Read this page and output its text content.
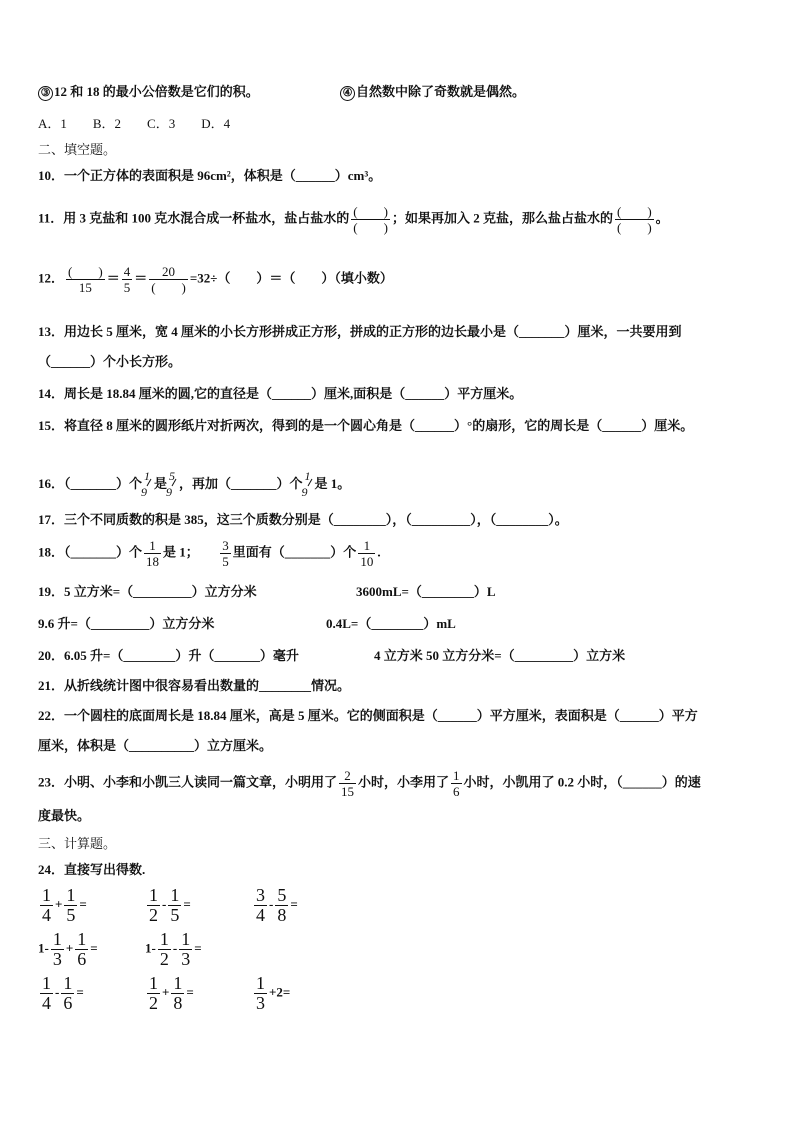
③ 12 和 18 的最小公倍数是它们的积。	④ 自然数中除了奇数就是偶然。
A．1　　B．2　　C．3　　D．4
二、填空题。
10．一个正方体的表面积是 96cm²，体积是（______）cm³。
11．用 3 克盐和 100 克水混合成一杯盐水，盐占盐水的 $\frac{( )}{( )}$ ；如果再加入 2 克盐，那么盐占盐水的 $\frac{( )}{( )}$ 。
12． $\frac{( )}{15} = \frac{4}{5} = \frac{20}{( )} =32\div$（　　）＝（　　）（填小数）
13．用边长 5 厘米，宽 4 厘米的小长方形拼成正方形，拼成的正方形的边长最小是（_______）厘米，一共要用到
（______）个小长方形。
14．周长是 18.84 厘米的圆,它的直径是（______）厘米,面积是（______）平方厘米。
15．将直径 8 厘米的圆形纸片对折两次，得到的是一个圆心角是（______）°的扇形，它的周长是（______）厘米。
16．（_______）个 1
9
是 5
9
，再加（_______）个 1
9
是 1。
17．三个不同质数的积是 385，这三个质数分别是（________），（_________），（________）。
18．（_______）个 $\frac{1}{18}$ 是 1；　　 $\frac{3}{5}$ 里面有（_______）个 $\frac{1}{10}$ .
19．5 立方米=（_________）立方分米	3600mL=（________）L
9.6 升=（_________）立方分米	0.4L=（________）mL
20．6.05 升=（________）升（_______）毫升	4 立方米 50 立方分米=（_________）立方米
21．从折线统计图中很容易看出数量的________情况。
22．一个圆柱的底面周长是 18.84 厘米，高是 5 厘米。它的侧面积是（______）平方厘米，表面积是（______）平方
厘米，体积是（__________）立方厘米。
23．小明、小李和小凯三人读同一篇文章，小明用了 $\frac{2}{15}$ 小时，小李用了 $\frac{1}{6}$ 小时，小凯用了 0.2 小时，（______）的速
度最快。
三、计算题。
24．直接写出得数.
$\frac{1}{4} + \frac{1}{5}$ =	$\frac{1}{2} - \frac{1}{5}$ =	$\frac{3}{4} - \frac{5}{8}$ =
$1- \frac{1}{3} + \frac{1}{6}$ =	$1- \frac{1}{2} - \frac{1}{3}$ =
$\frac{1}{4} - \frac{1}{6}$ =	$\frac{1}{2} + \frac{1}{8}$ =	$\frac{1}{3} +2=$
